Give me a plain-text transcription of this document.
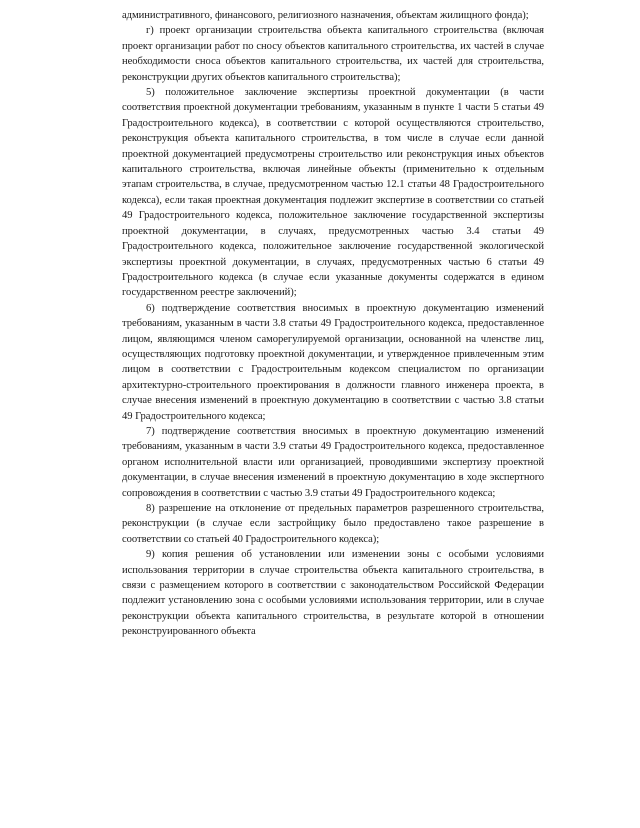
административного, финансового, религиозного назначения, объектам жилищного фонда);

г) проект организации строительства объекта капитального строительства (включая проект организации работ по сносу объектов капитального строительства, их частей в случае необходимости сноса объектов капитального строительства, их частей для строительства, реконструкции других объектов капитального строительства);

5) положительное заключение экспертизы проектной документации (в части соответствия проектной документации требованиям, указанным в пункте 1 части 5 статьи 49 Градостроительного кодекса), в соответствии с которой осуществляются строительство, реконструкция объекта капитального строительства, в том числе в случае если данной проектной документацией предусмотрены строительство или реконструкция иных объектов капитального строительства, включая линейные объекты (применительно к отдельным этапам строительства, в случае, предусмотренном частью 12.1 статьи 48 Градостроительного кодекса), если такая проектная документация подлежит экспертизе в соответствии со статьей 49 Градостроительного кодекса, положительное заключение государственной экспертизы проектной документации, в случаях, предусмотренных частью 3.4 статьи 49 Градостроительного кодекса, положительное заключение государственной экологической экспертизы проектной документации, в случаях, предусмотренных частью 6 статьи 49 Градостроительного кодекса (в случае если указанные документы содержатся в едином государственном реестре заключений);

6) подтверждение соответствия вносимых в проектную документацию изменений требованиям, указанным в части 3.8 статьи 49 Градостроительного кодекса, предоставленное лицом, являющимся членом саморегулируемой организации, основанной на членстве лиц, осуществляющих подготовку проектной документации, и утвержденное привлеченным этим лицом в соответствии с Градостроительным кодексом специалистом по организации архитектурно-строительного проектирования в должности главного инженера проекта, в случае внесения изменений в проектную документацию в соответствии с частью 3.8 статьи 49 Градостроительного кодекса;

7) подтверждение соответствия вносимых в проектную документацию изменений требованиям, указанным в части 3.9 статьи 49 Градостроительного кодекса, предоставленное органом исполнительной власти или организацией, проводившими экспертизу проектной документации, в случае внесения изменений в проектную документацию в ходе экспертного сопровождения в соответствии с частью 3.9 статьи 49 Градостроительного кодекса;

8) разрешение на отклонение от предельных параметров разрешенного строительства, реконструкции (в случае если застройщику было предоставлено такое разрешение в соответствии со статьей 40 Градостроительного кодекса);

9) копия решения об установлении или изменении зоны с особыми условиями использования территории в случае строительства объекта капитального строительства, в связи с размещением которого в соответствии с законодательством Российской Федерации подлежит установлению зона с особыми условиями использования территории, или в случае реконструкции объекта капитального строительства, в результате которой в отношении реконструированного объекта
